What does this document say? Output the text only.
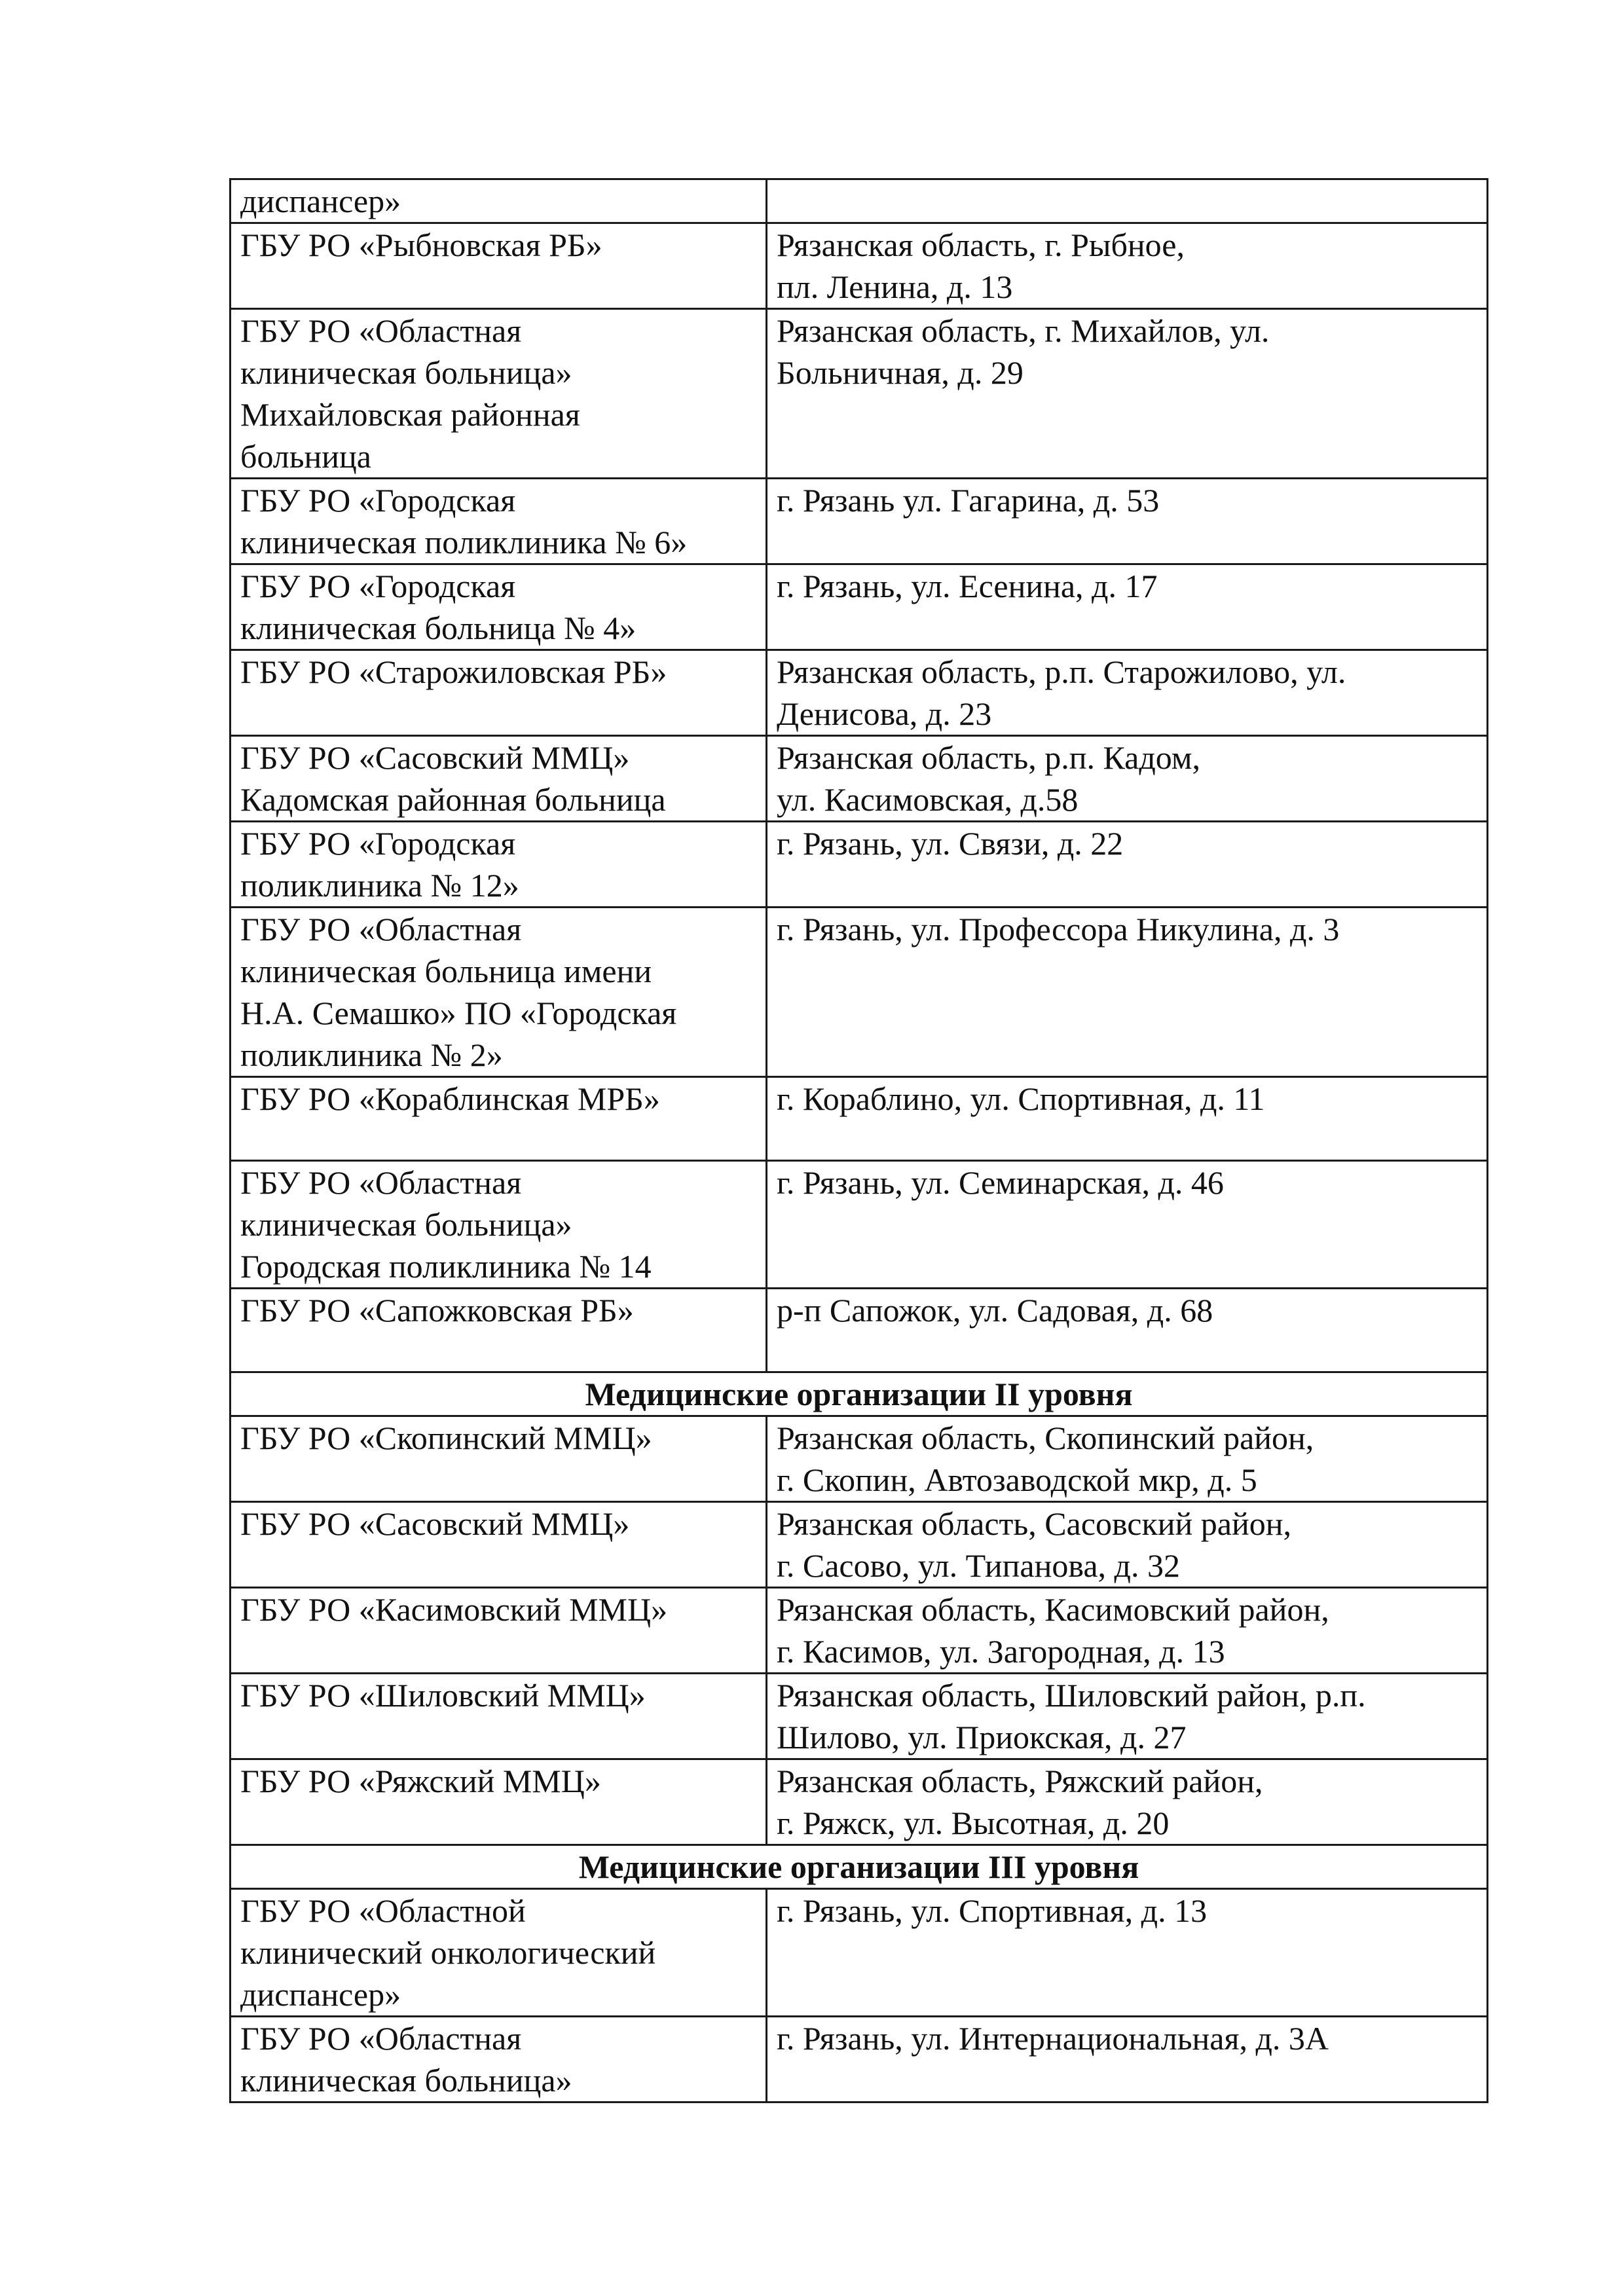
диспансер»	

ГБУ РО «Рыбновская РБ»	Рязанская область, г. Рыбное,
пл. Ленина, д. 13

ГБУ РО «Областная
клиническая больница»
Михайловская районная
больница	Рязанская область, г. Михайлов, ул.
Больничная, д. 29

ГБУ РО «Городская
клиническая поликлиника № 6»	г. Рязань ул. Гагарина, д. 53

ГБУ РО «Городская
клиническая больница № 4»	г. Рязань, ул. Есенина, д. 17

ГБУ РО «Старожиловская РБ»	Рязанская область, р.п. Старожилово, ул.
Денисова, д. 23

ГБУ РО «Сасовский ММЦ»
Кадомская районная больница	Рязанская область, р.п. Кадом,
ул. Касимовская, д.58

ГБУ РО «Городская
поликлиника № 12»	г. Рязань, ул. Связи, д. 22

ГБУ РО «Областная
клиническая больница имени
Н.А. Семашко» ПО «Городская
поликлиника № 2»	г. Рязань, ул. Профессора Никулина, д. 3

ГБУ РО «Кораблинская МРБ»	г. Кораблино, ул. Спортивная, д. 11

ГБУ РО «Областная
клиническая больница»
Городская поликлиника № 14	г. Рязань, ул. Семинарская, д. 46

ГБУ РО «Сапожковская РБ»	р-п Сапожок, ул. Садовая, д. 68

Медицинские организации II уровня	

ГБУ РО «Скопинский ММЦ»	Рязанская область, Скопинский район,
г. Скопин, Автозаводской мкр, д. 5

ГБУ РО «Сасовский ММЦ»	Рязанская область, Сасовский район,
г. Сасово, ул. Типанова, д. 32

ГБУ РО «Касимовский ММЦ»	Рязанская область, Касимовский район,
г. Касимов, ул. Загородная, д. 13

ГБУ РО «Шиловский ММЦ»	Рязанская область, Шиловский район, р.п.
Шилово, ул. Приокская, д. 27

ГБУ РО «Ряжский ММЦ»	Рязанская область, Ряжский район,
г. Ряжск, ул. Высотная, д. 20

Медицинские организации III уровня	

ГБУ РО «Областной
клинический онкологический
диспансер»	г. Рязань, ул. Спортивная, д. 13

ГБУ РО «Областная
клиническая больница»	г. Рязань, ул. Интернациональная, д. 3А
